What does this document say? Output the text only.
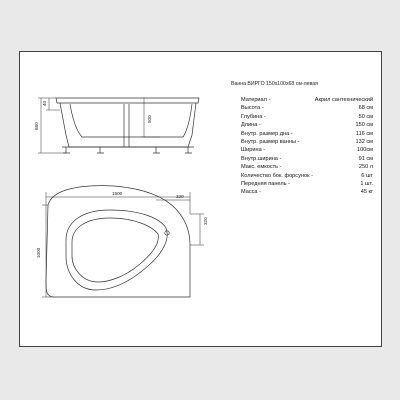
Ванна ВИРГО 150х100х68 см-левая
Материал -	Акрил сантехнический
Высота -	68 см
Глубина -	50 см
Длина -	150 см
Внутр. размер дна -	116 см
Внутр. размер ванны -	132 см
Ширина -	100см
Внутр.ширина -	91 см
Макс. емкость -	250 л
Количество бок. форсунок -	6 шт
Передняя панель -	1 шт.
Масса -	45 кг
40
680
500
1500
320
320
1000
